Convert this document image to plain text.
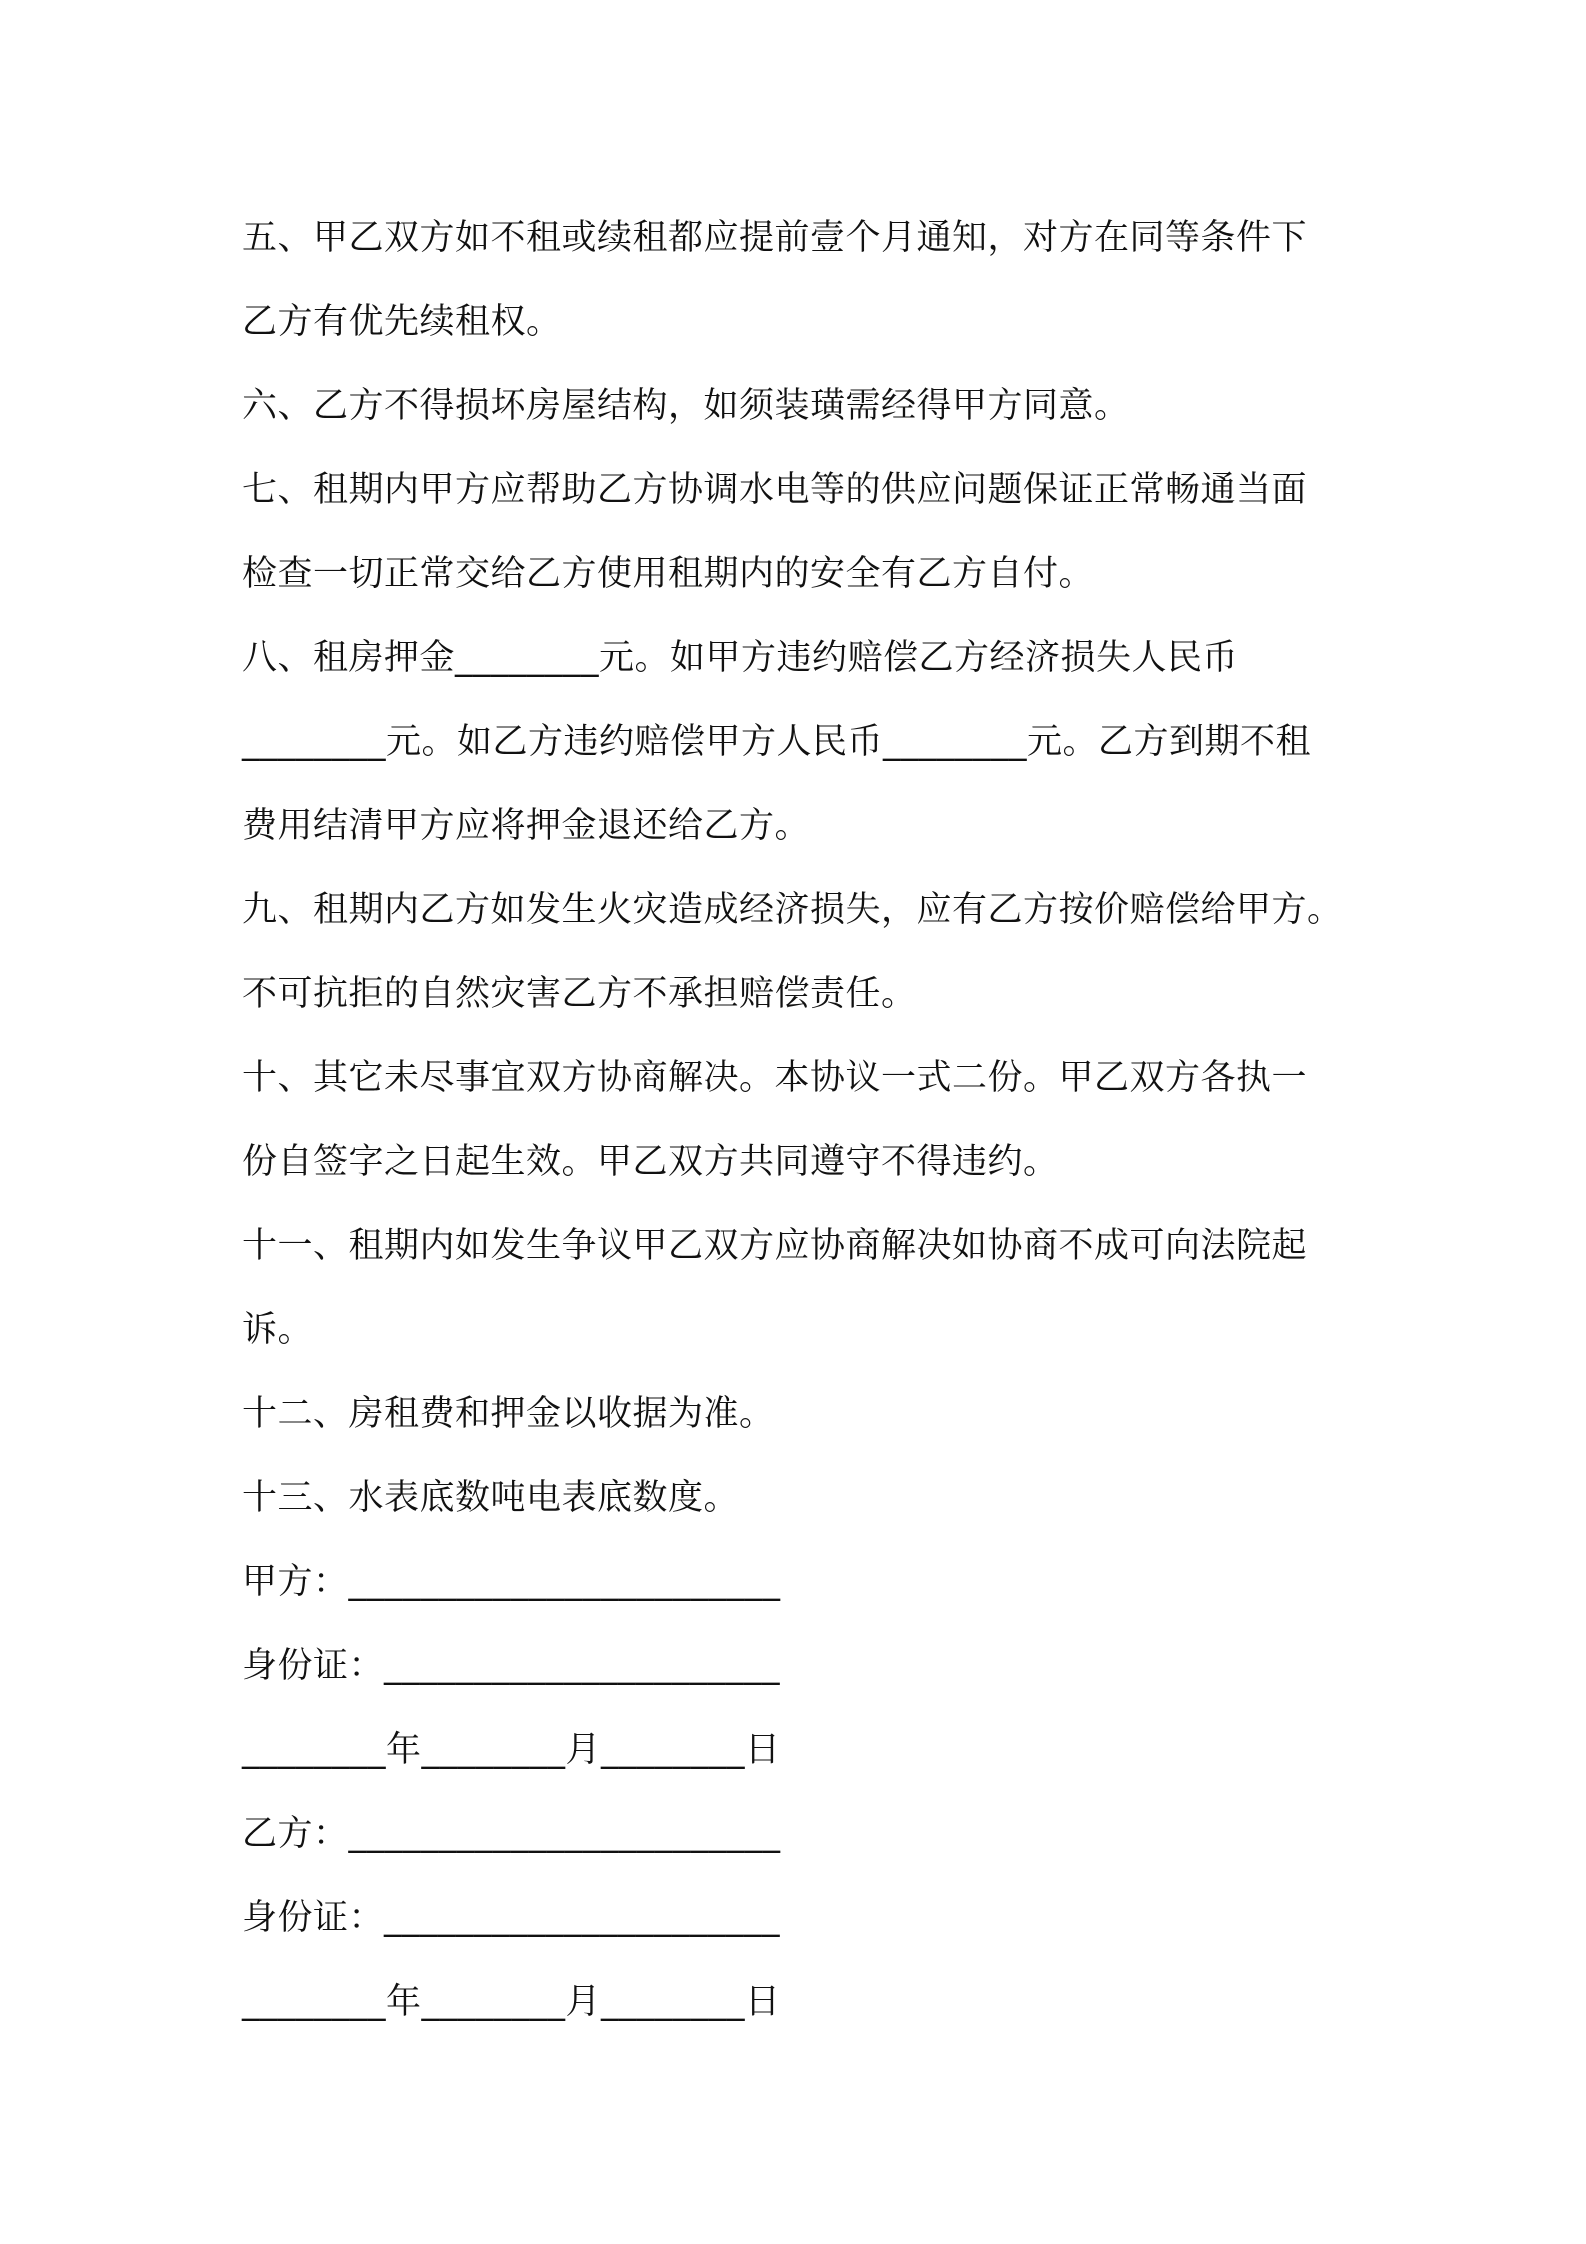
五、甲乙双方如不租或续租都应提前壹个月通知，对方在同等条件下
乙方有优先续租权。
六、乙方不得损坏房屋结构，如须装璜需经得甲方同意。
七、租期内甲方应帮助乙方协调水电等的供应问题保证正常畅通当面
检查一切正常交给乙方使用租期内的安全有乙方自付。
八、租房押金________元。如甲方违约赔偿乙方经济损失人民币
________元。如乙方违约赔偿甲方人民币________元。乙方到期不租
费用结清甲方应将押金退还给乙方。
九、租期内乙方如发生火灾造成经济损失，应有乙方按价赔偿给甲方。
不可抗拒的自然灾害乙方不承担赔偿责任。
十、其它未尽事宜双方协商解决。本协议一式二份。甲乙双方各执一
份自签字之日起生效。甲乙双方共同遵守不得违约。
十一、租期内如发生争议甲乙双方应协商解决如协商不成可向法院起
诉。
十二、房租费和押金以收据为准。
十三、水表底数吨电表底数度。
甲方：________________________
身份证：______________________
________年________月________日
乙方：________________________
身份证：______________________
________年________月________日
